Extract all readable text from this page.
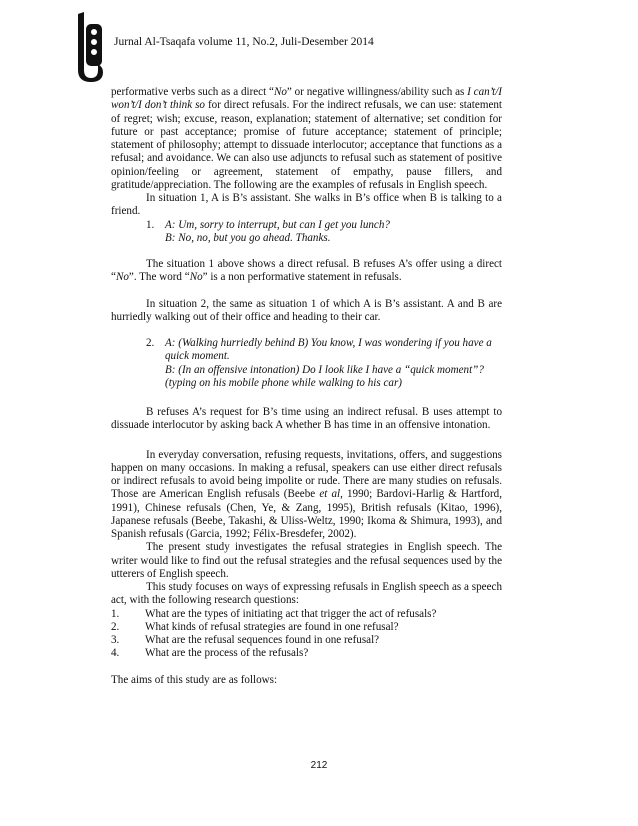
Jurnal Al-Tsaqafa volume 11, No.2, Juli-Desember 2014

performative verbs such as a direct “No” or negative willingness/ability such as I can’t/I won’t/I don’t think so for direct refusals. For the indirect refusals, we can use: statement of regret; wish; excuse, reason, explanation; statement of alternative; set condition for future or past acceptance; promise of future acceptance; statement of principle; statement of philosophy; attempt to dissuade interlocutor; acceptance that functions as a refusal; and avoidance. We can also use adjuncts to refusal such as statement of positive opinion/feeling or agreement, statement of empathy, pause fillers, and gratitude/appreciation. The following are the examples of refusals in English speech.

In situation 1, A is B’s assistant. She walks in B’s office when B is talking to a friend.

1. A: Um, sorry to interrupt, but can I get you lunch?

B: No, no, but you go ahead. Thanks.

The situation 1 above shows a direct refusal. B refuses A’s offer using a direct “No”. The word “No” is a non performative statement in refusals.

In situation 2, the same as situation 1 of which A is B’s assistant. A and B are hurriedly walking out of their office and heading to their car.

2. A: (Walking hurriedly behind B) You know, I was wondering if you have a quick moment.

B: (In an offensive intonation) Do I look like I have a “quick moment”? (typing on his mobile phone while walking to his car)

B refuses A’s request for B’s time using an indirect refusal. B uses attempt to dissuade interlocutor by asking back A whether B has time in an offensive intonation.

In everyday conversation, refusing requests, invitations, offers, and suggestions happen on many occasions. In making a refusal, speakers can use either direct refusals or indirect refusals to avoid being impolite or rude. There are many studies on refusals. Those are American English refusals (Beebe et al, 1990; Bardovi-Harlig & Hartford, 1991), Chinese refusals (Chen, Ye, & Zang, 1995), British refusals (Kitao, 1996), Japanese refusals (Beebe, Takashi, & Uliss-Weltz, 1990; Ikoma & Shimura, 1993), and Spanish refusals (Garcia, 1992; Félix-Bresdefer, 2002).

The present study investigates the refusal strategies in English speech. The writer would like to find out the refusal strategies and the refusal sequences used by the utterers of English speech.

This study focuses on ways of expressing refusals in English speech as a speech act, with the following research questions:

1. What are the types of initiating act that trigger the act of refusals?

2. What kinds of refusal strategies are found in one refusal?

3. What are the refusal sequences found in one refusal?

4. What are the process of the refusals?

The aims of this study are as follows:

212
